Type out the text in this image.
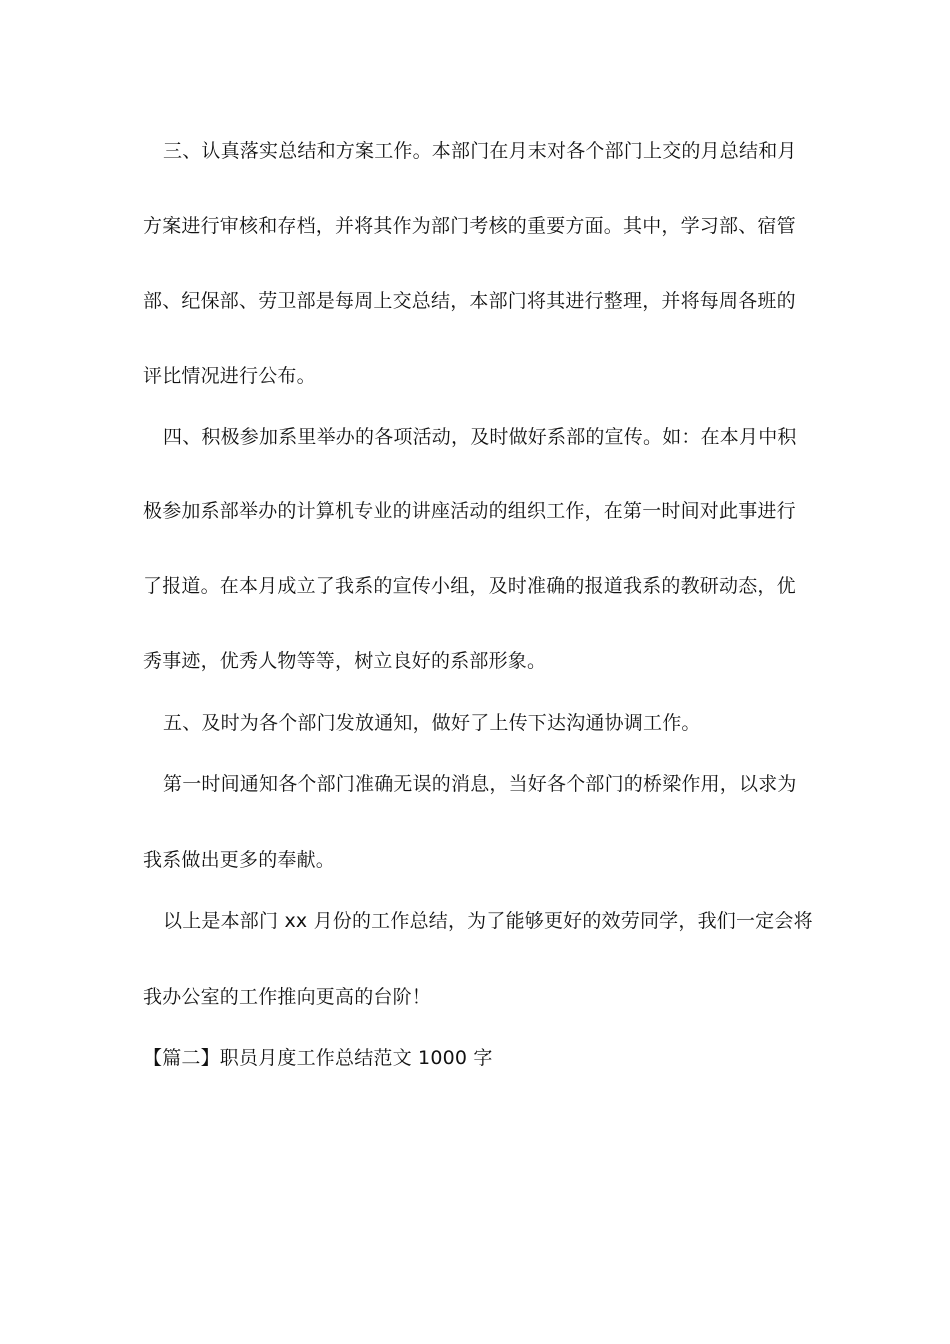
三、认真落实总结和方案工作。本部门在月末对各个部门上交的月总结和月
方案进行审核和存档，并将其作为部门考核的重要方面。其中，学习部、宿管
部、纪保部、劳卫部是每周上交总结，本部门将其进行整理，并将每周各班的
评比情况进行公布。
四、积极参加系里举办的各项活动，及时做好系部的宣传。如：在本月中积
极参加系部举办的计算机专业的讲座活动的组织工作，在第一时间对此事进行
了报道。在本月成立了我系的宣传小组，及时准确的报道我系的教研动态，优
秀事迹，优秀人物等等，树立良好的系部形象。
五、及时为各个部门发放通知，做好了上传下达沟通协调工作。
第一时间通知各个部门准确无误的消息，当好各个部门的桥梁作用，以求为
我系做出更多的奉献。
以上是本部门 xx 月份的工作总结，为了能够更好的效劳同学，我们一定会将
我办公室的工作推向更高的台阶！
【篇二】职员月度工作总结范文 1000 字
